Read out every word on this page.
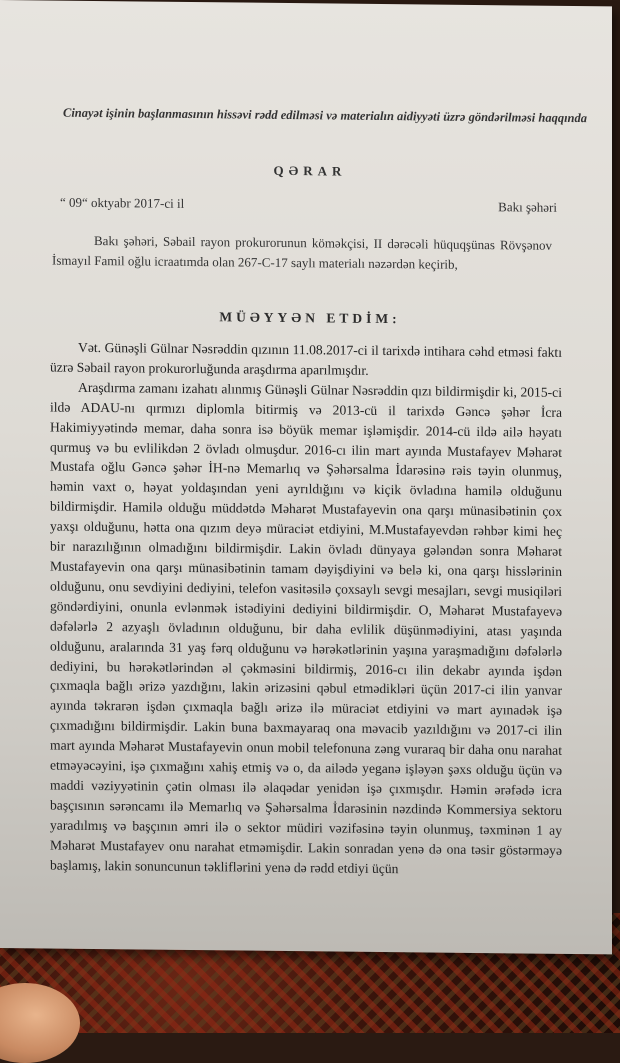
Cinayət işinin başlanmasının hissəvi rədd edilməsi və materialın aidiyyəti üzrə göndərilməsi haqqında
QƏRAR
“ 09“ oktyabr 2017-ci il	Bakı şəhəri
Bakı şəhəri, Səbail rayon prokurorunun köməkçisi, II dərəcəli hüquqşünas Rövşənov İsmayıl Famil oğlu icraatımda olan 267-C-17 saylı materialı nəzərdən keçirib,
MÜƏYYƏN ETDİM:

Vət. Günəşli Gülnar Nəsrəddin qızının 11.08.2017-ci il tarixdə intihara cəhd etməsi faktı üzrə Səbail rayon prokurorluğunda araşdırma aparılmışdır.

Araşdırma zamanı izahatı alınmış Günəşli Gülnar Nəsrəddin qızı bildirmişdir ki, 2015-ci ildə ADAU-nı qırmızı diplomla bitirmiş və 2013-cü il tarixdə Gəncə şəhər İcra Hakimiyyətində memar, daha sonra isə böyük memar işləmişdir. 2014-cü ildə ailə həyatı qurmuş və bu evlilikdən 2 övladı olmuşdur. 2016-cı ilin mart ayında Mustafayev Məharət Mustafa oğlu Gəncə şəhər İH-nə Memarlıq və Şəhərsalma İdarəsinə rəis təyin olunmuş, həmin vaxt o, həyat yoldaşından yeni ayrıldığını və kiçik övladına hamilə olduğunu bildirmişdir. Hamilə olduğu müddətdə Məharət Mustafayevin ona qarşı münasibətinin çox yaxşı olduğunu, hətta ona qızım deyə müraciət etdiyini, M.Mustafayevdən rəhbər kimi heç bir narazılığının olmadığını bildirmişdir. Lakin övladı dünyaya gələndən sonra Məharət Mustafayevin ona qarşı münasibətinin tamam dəyişdiyini və belə ki, ona qarşı hisslərinin olduğunu, onu sevdiyini dediyini, telefon vasitəsilə çoxsaylı sevgi mesajları, sevgi musiqiləri göndərdiyini, onunla evlənmək istədiyini dediyini bildirmişdir. O, Məharət Mustafayevə dəfələrlə 2 azyaşlı övladının olduğunu, bir daha evlilik düşünmədiyini, atası yaşında olduğunu, aralarında 31 yaş fərq olduğunu və hərəkətlərinin yaşına yaraşmadığını dəfələrlə dediyini, bu hərəkətlərindən əl çəkməsini bildirmiş, 2016-cı ilin dekabr ayında işdən çıxmaqla bağlı ərizə yazdığını, lakin ərizəsini qəbul etmədikləri üçün 2017-ci ilin yanvar ayında təkrarən işdən çıxmaqla bağlı ərizə ilə müraciət etdiyini və mart ayınadək işə çıxmadığını bildirmişdir. Lakin buna baxmayaraq ona məvacib yazıldığını və 2017-ci ilin mart ayında Məharət Mustafayevin onun mobil telefonuna zəng vuraraq bir daha onu narahat etməyəcəyini, işə çıxmağını xahiş etmiş və o, da ailədə yeganə işləyən şəxs olduğu üçün və maddi vəziyyətinin çətin olması ilə əlaqədar yenidən işə çıxmışdır. Həmin ərəfədə icra başçısının sərəncamı ilə Memarlıq və Şəhərsalma İdarəsinin nəzdində Kommersiya sektoru yaradılmış və başçının əmri ilə o sektor müdiri vəzifəsinə təyin olunmuş, təxminən 1 ay Məharət Mustafayev onu narahat etməmişdir. Lakin sonradan yenə də ona təsir göstərməyə başlamış, lakin sonuncunun təkliflərini yenə də rədd etdiyi üçün
